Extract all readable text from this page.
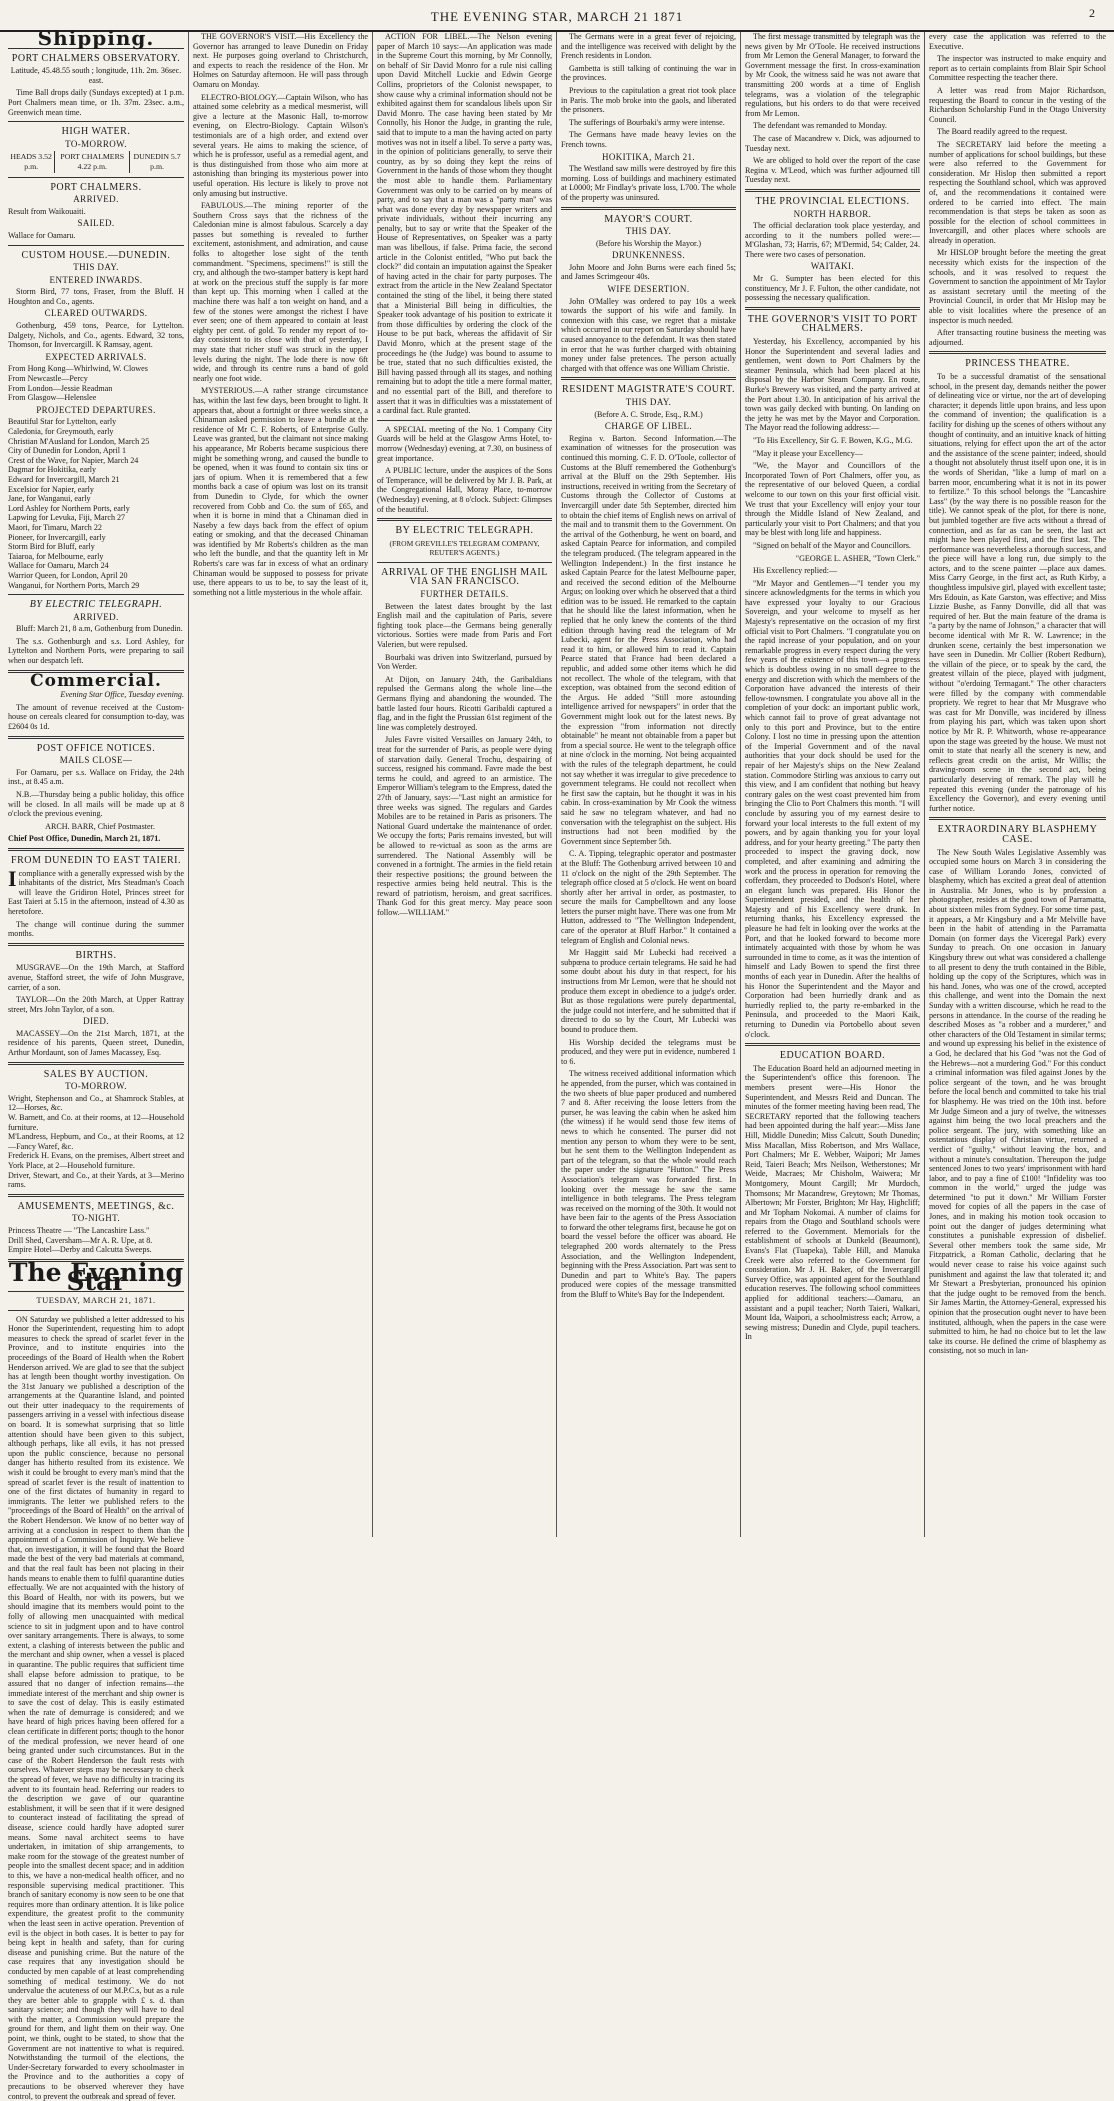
THE EVENING STAR, MARCH 21 1871	2
Shipping.
PORT CHALMERS OBSERVATORY.

Latitude, 45.48.55 south ; longitude, 11h. 2m. 36sec. east.

Time Ball drops daily (Sundays excepted) at 1 p.m. Port Chalmers mean time, or 1h. 37m. 23sec. a.m., Greenwich mean time.

HIGH WATER.
TO-MORROW.
HEADS 3.52 p.m.	PORT CHALMERS 4.22 p.m.	DUNEDIN 5.7 p.m.
PORT CHALMERS.
ARRIVED.

Result from Waikouaiti.

SAILED.

Wallace for Oamaru.

CUSTOM HOUSE.—DUNEDIN.
THIS DAY.
ENTERED INWARDS.

Storm Bird, 77 tons, Fraser, from the Bluff. H Houghton and Co., agents.

CLEARED OUTWARDS.

Gothenburg, 459 tons, Pearce, for Lyttelton. Dalgety, Nichols, and Co., agents. Edward, 32 tons, Thomson, for Invercargill. K Ramsay, agent.

EXPECTED ARRIVALS.

From Hong Kong—Whirlwind, W. Clowes

From Newcastle—Percy

From London—Jessie Readman

From Glasgow—Helenslee

PROJECTED DEPARTURES.

Beautiful Star for Lyttelton, early

Caledonia, for Greymouth, early

Christian M'Ausland for London, March 25

City of Dunedin for London, April 1

Crest of the Wave, for Napier, March 24

Dagmar for Hokitika, early

Edward for Invercargill, March 21

Excelsior for Napier, early

Jane, for Wanganui, early

Lord Ashley for Northern Ports, early

Lapwing for Levuka, Fiji, March 27

Maori, for Timaru, March 22

Pioneer, for Invercargill, early

Storm Bird for Bluff, early

Taiaroa, for Melbourne, early

Wallace for Oamaru, March 24

Warrior Queen, for London, April 20

Wanganui, for Northern Ports, March 29

BY ELECTRIC TELEGRAPH.
ARRIVED.

Bluff: March 21, 8 a.m, Gothenburg from Dunedin.

The s.s. Gothenburgh and s.s. Lord Ashley, for Lyttelton and Northern Ports, were preparing to sail when our despatch left.

Commercial.

Evening Star Office, Tuesday evening.

The amount of revenue received at the Custom-house on cereals cleared for consumption to-day, was £2604 0s 1d.

POST OFFICE NOTICES.
MAILS CLOSE—

For Oamaru, per s.s. Wallace on Friday, the 24th inst., at 8.45 a.m.

N.B.—Thursday being a public holiday, this office will be closed. In all mails will be made up at 8 o'clock the previous evening.

ARCH. BARR, Chief Postmaster.

Chief Post Office, Dunedin, March 21, 1871.

FROM DUNEDIN TO EAST TAIERI.

Icompliance with a generally expressed wish by the inhabitants of the district, Mrs Steadman's Coach will leave the Gridiron Hotel, Princes street for East Taieri at 5.15 in the afternoon, instead of 4.30 as heretofore.

The change will continue during the summer months.

BIRTHS.

MUSGRAVE—On the 19th March, at Stafford avenue, Stafford street, the wife of John Musgrave, carrier, of a son.

TAYLOR—On the 20th March, at Upper Rattray street, Mrs John Taylor, of a son.

DIED.

MACASSEY—On the 21st March, 1871, at the residence of his parents, Queen street, Dunedin, Arthur Mordaunt, son of James Macassey, Esq.

SALES BY AUCTION.
TO-MORROW.

Wright, Stephenson and Co., at Shamrock Stables, at 12—Horses, &c.

W. Barnett, and Co. at their rooms, at 12—Household furniture.

M'Landress, Hepburn, and Co., at their Rooms, at 12—Fancy Waref, &c.

Frederick H. Evans, on the premises, Albert street and York Place, at 2—Household furniture.

Driver, Stewart, and Co., at their Yards, at 3—Merino rams.

AMUSEMENTS, MEETINGS, &c.
TO-NIGHT.

Princess Theatre — "The Lancashire Lass."

Drill Shed, Caversham—Mr A. R. Upe, at 8.

Empire Hotel—Derby and Calcutta Sweeps.

The Evening Star
TUESDAY, MARCH 21, 1871.

ON Saturday we published a letter addressed to his Honor the Superintendent, requesting him to adopt measures to check the spread of scarlet fever in the Province, and to institute enquiries into the proceedings of the Board of Health when the Robert Henderson arrived. We are glad to see that the subject has at length been thought worthy investigation. On the 31st January we published a description of the arrangements at the Quarantine Island, and pointed out their utter inadequacy to the requirements of passengers arriving in a vessel with infectious disease on board. It is somewhat surprising that so little attention should have been given to this subject, although perhaps, like all evils, it has not pressed upon the public conscience, because no personal danger has hitherto resulted from its existence. We wish it could be brought to every man's mind that the spread of scarlet fever is the result of inattention to one of the first dictates of humanity in regard to immigrants. The letter we published refers to the "proceedings of the Board of Health" on the arrival of the Robert Henderson. We know of no better way of arriving at a conclusion in respect to them than the appointment of a Commission of Inquiry. We believe that, on investigation, it will be found that the Board made the best of the very bad materials at command, and that the real fault has been not placing in their hands means to enable them to fulfil quarantine duties effectually. We are not acquainted with the history of this Board of Health, nor with its powers, but we should imagine that its members would point to the folly of allowing men unacquainted with medical science to sit in judgment upon and to have control over sanitary arrangements. There is always, to some extent, a clashing of interests between the public and the merchant and ship owner, when a vessel is placed in quarantine. The public requires that sufficient time shall elapse before admission to pratique, to be assured that no danger of infection remains—the immediate interest of the merchant and ship owner is to save the cost of delay. This is easily estimated when the rate of demurrage is considered; and we have heard of high prices having been offered for a clean certificate in different ports; though to the honor of the medical profession, we never heard of one being granted under such circumstances. But in the case of the Robert Henderson the fault rests with ourselves. Whatever steps may be necessary to check the spread of fever, we have no difficulty in tracing its advent to its fountain head. Referring our readers to the description we gave of our quarantine establishment, it will be seen that if it were designed to counteract instead of facilitating the spread of disease, science could hardly have adopted surer means. Some naval architect seems to have undertaken, in imitation of ship arrangements, to make room for the stowage of the greatest number of people into the smallest decent space; and in addition to this, we have a non-medical health officer, and no responsible supervising medical practitioner. This branch of sanitary economy is now seen to be one that requires more than ordinary attention. It is like police expenditure, the greatest profit to the community when the least seen in active operation. Prevention of evil is the object in both cases. It is better to pay for being kept in health and safety, than for curing disease and punishing crime. But the nature of the case requires that any investigation should be conducted by men capable of at least comprehending something of medical testimony. We do not undervalue the acuteness of our M.P.C.s, but as a rule they are better able to grapple with £ s. d. than sanitary science; and though they will have to deal with the matter, a Commission would prepare the ground for them, and light them on their way. One point, we think, ought to be stated, to show that the Government are not inattentive to what is required. Notwithstanding the turmoil of the elections, the Under-Secretary forwarded to every schoolmaster in the Province and to the authorities a copy of precautions to be observed wherever they have control, to prevent the outbreak and spread of fever.

THE GOVERNOR'S VISIT.—His Excellency the Governor has arranged to leave Dunedin on Friday next. He purposes going overland to Christchurch, and expects to reach the residence of the Hon. Mr Holmes on Saturday afternoon. He will pass through Oamaru on Monday.

ELECTRO-BIOLOGY.—Captain Wilson, who has attained some celebrity as a medical mesmerist, will give a lecture at the Masonic Hall, to-morrow evening, on Electro-Biology. Captain Wilson's testimonials are of a high order, and extend over several years. He aims to making the science, of which he is professor, useful as a remedial agent, and is thus distinguished from those who aim more at astonishing than bringing its mysterious power into useful operation. His lecture is likely to prove not only amusing but instructive.

FABULOUS.—The mining reporter of the Southern Cross says that the richness of the Caledonian mine is almost fabulous. Scarcely a day passes but something is revealed to further excitement, astonishment, and admiration, and cause folks to altogether lose sight of the tenth commandment. "Specimens, specimens!" is still the cry, and although the two-stamper battery is kept hard at work on the precious stuff the supply is far more than kept up. This morning when I called at the machine there was half a ton weight on hand, and a few of the stones were amongst the richest I have ever seen; one of them appeared to contain at least eighty per cent. of gold. To render my report of to-day consistent to its close with that of yesterday, I may state that richer stuff was struck in the upper levels during the night. The lode there is now 6ft wide, and through its centre runs a band of gold nearly one foot wide.

MYSTERIOUS.—A rather strange circumstance has, within the last few days, been brought to light. It appears that, about a fortnight or three weeks since, a Chinaman asked permission to leave a bundle at the residence of Mr C. F. Roberts, of Enterprise Gully. Leave was granted, but the claimant not since making his appearance, Mr Roberts became suspicious there might be something wrong, and caused the bundle to be opened, when it was found to contain six tins or jars of opium. When it is remembered that a few months back a case of opium was lost on its transit from Dunedin to Clyde, for which the owner recovered from Cobb and Co. the sum of £65, and when it is borne in mind that a Chinaman died in Naseby a few days back from the effect of opium eating or smoking, and that the deceased Chinaman was identified by Mr Roberts's children as the man who left the bundle, and that the quantity left in Mr Roberts's care was far in excess of what an ordinary Chinaman would be supposed to possess for private use, there appears to us to be, to say the least of it, something not a little mysterious in the whole affair.

ACTION FOR LIBEL.—The Nelson evening paper of March 10 says:—An application was made in the Supreme Court this morning, by Mr Connolly, on behalf of Sir David Monro for a rule nisi calling upon David Mitchell Luckie and Edwin George Collins, proprietors of the Colonist newspaper, to show cause why a criminal information should not be exhibited against them for scandalous libels upon Sir David Monro. The case having been stated by Mr Connolly, his Honor the Judge, in granting the rule, said that to impute to a man the having acted on party motives was not in itself a libel. To serve a party was, in the opinion of politicians generally, to serve their country, as by so doing they kept the reins of Government in the hands of those whom they thought the most able to handle them. Parliamentary Government was only to be carried on by means of party, and to say that a man was a "party man" was what was done every day by newspaper writers and private individuals, without their incurring any penalty, but to say or write that the Speaker of the House of Representatives, on Speaker was a party man was libellous, if false. Prima facie, the second article in the Colonist entitled, "Who put back the clock?" did contain an imputation against the Speaker of having acted in the chair for party purposes. The extract from the article in the New Zealand Spectator contained the sting of the libel, it being there stated that a Ministerial Bill being in difficulties, the Speaker took advantage of his position to extricate it from those difficulties by ordering the clock of the House to be put back, whereas the affidavit of Sir David Monro, which at the present stage of the proceedings he (the Judge) was bound to assume to be true, stated that no such difficulties existed, the Bill having passed through all its stages, and nothing remaining but to adopt the title a mere formal matter, and no essential part of the Bill, and therefore to assert that it was in difficulties was a misstatement of a cardinal fact. Rule granted.

A SPECIAL meeting of the No. 1 Company City Guards will be held at the Glasgow Arms Hotel, to-morrow (Wednesday) evening, at 7.30, on business of great importance.

A PUBLIC lecture, under the auspices of the Sons of Temperance, will be delivered by Mr J. B. Park, at the Congregational Hall, Moray Place, to-morrow (Wednesday) evening, at 8 o'clock. Subject: Glimpses of the beautiful.

BY ELECTRIC TELEGRAPH.

(FROM GREVILLE'S TELEGRAM COMPANY, REUTER'S AGENTS.)

ARRIVAL OF THE ENGLISH MAIL VIA SAN FRANCISCO.
FURTHER DETAILS.

Between the latest dates brought by the last English mail and the capitulation of Paris, severe fighting took place—the Germans being generally victorious. Sorties were made from Paris and Fort Valerien, but were repulsed.

Bourbaki was driven into Switzerland, pursued by Von Werder.

At Dijon, on January 24th, the Garibaldians repulsed the Germans along the whole line—the Germans flying and abandoning the wounded. The battle lasted four hours. Ricotti Garibaldi captured a flag, and in the fight the Prussian 61st regiment of the line was completely destroyed.

Jules Favre visited Versailles on January 24th, to treat for the surrender of Paris, as people were dying of starvation daily. General Trochu, despairing of success, resigned his command. Favre made the best terms he could, and agreed to an armistice. The Emperor William's telegram to the Empress, dated the 27th of January, says:—"Last night an armistice for three weeks was signed. The regulars and Gardes Mobiles are to be retained in Paris as prisoners. The National Guard undertake the maintenance of order. We occupy the forts; Paris remains invested, but will be allowed to re-victual as soon as the arms are surrendered. The National Assembly will be convened in a fortnight. The armies in the field retain their respective positions; the ground between the respective armies being held neutral. This is the reward of patriotism, heroism, and great sacrifices. Thank God for this great mercy. May peace soon follow.—WILLIAM."

The Germans were in a great fever of rejoicing, and the intelligence was received with delight by the French residents in London.

Gambetta is still talking of continuing the war in the provinces.

Previous to the capitulation a great riot took place in Paris. The mob broke into the gaols, and liberated the prisoners.

The sufferings of Bourbaki's army were intense.

The Germans have made heavy levies on the French towns.

HOKITIKA, March 21.

The Westland saw mills were destroyed by fire this morning. Loss of buildings and machinery estimated at L0000; Mr Findlay's private loss, L700. The whole of the property was uninsured.

MAYOR'S COURT.
THIS DAY.

(Before his Worship the Mayor.)

DRUNKENNESS.

John Moore and John Burns were each fined 5s; and James Scrimgeour 40s.

WIFE DESERTION.

John O'Malley was ordered to pay 10s a week towards the support of his wife and family. In connexion with this case, we regret that a mistake which occurred in our report on Saturday should have caused annoyance to the defendant. It was then stated in error that he was further charged with obtaining money under false pretences. The person actually charged with that offence was one William Christie.

RESIDENT MAGISTRATE'S COURT.
THIS DAY.

(Before A. C. Strode, Esq., R.M.)

CHARGE OF LIBEL.

Regina v. Barton. Second Information.—The examination of witnesses for the prosecution was continued this morning. C. F. D. O'Toole, collector of Customs at the Bluff remembered the Gothenburg's arrival at the Bluff on the 29th September. His instructions, received in writing from the Secretary of Customs through the Collector of Customs at Invercargill under date 5th September, directed him to obtain the chief items of English news on arrival of the mail and to transmit them to the Government. On the arrival of the Gothenburg, he went on board, and asked Captain Pearce for information, and compiled the telegram produced. (The telegram appeared in the Wellington Independent.) In the first instance he asked Captain Pearce for the latest Melbourne paper, and received the second edition of the Melbourne Argus; on looking over which he observed that a third edition was to be issued. He remarked to the captain that he should like the latest information, when he replied that he only knew the contents of the third edition through having read the telegram of Mr Lubecki, agent for the Press Association, who had read it to him, or allowed him to read it. Captain Pearce stated that France had been declared a republic, and added some other items which he did not recollect. The whole of the telegram, with that exception, was obtained from the second edition of the Argus. He added "Still more astounding intelligence arrived for newspapers" in order that the Government might look out for the latest news. By the expression "from information not directly obtainable" he meant not obtainable from a paper but from a special source. He went to the telegraph office at nine o'clock in the morning. Not being acquainted with the rules of the telegraph department, he could not say whether it was irregular to give precedence to government telegrams. He could not recollect when he first saw the captain, but he thought it was in his cabin. In cross-examination by Mr Cook the witness said he saw no telegram whatever, and had no conversation with the telegraphist on the subject. His instructions had not been modified by the Government since September 5th.

C. A. Tipping, telegraphic operator and postmaster at the Bluff: The Gothenburg arrived between 10 and 11 o'clock on the night of the 29th September. The telegraph office closed at 5 o'clock. He went on board shortly after her arrival in order, as postmaster, to secure the mails for Campbelltown and any loose letters the purser might have. There was one from Mr Hutton, addressed to "The Wellington Independent, care of the operator at Bluff Harbor." It contained a telegram of English and Colonial news.

Mr Haggitt said Mr Lubecki had received a subpœna to produce certain telegrams. He said he had some doubt about his duty in that respect, for his instructions from Mr Lemon, were that he should not produce them except in obedience to a judge's order. But as those regulations were purely departmental, the judge could not interfere, and he submitted that if directed to do so by the Court, Mr Lubecki was bound to produce them.

His Worship decided the telegrams must be produced, and they were put in evidence, numbered 1 to 6.

The witness received additional information which he appended, from the purser, which was contained in the two sheets of blue paper produced and numbered 7 and 8. After receiving the loose letters from the purser, he was leaving the cabin when he asked him (the witness) if he would send those few items of news to which he consented. The purser did not mention any person to whom they were to be sent, but he sent them to the Wellington Independent as part of the telegram, so that the whole would reach the paper under the signature "Hutton." The Press Association's telegram was forwarded first. In looking over the message he saw the same intelligence in both telegrams. The Press telegram was received on the morning of the 30th. It would not have been fair to the agents of the Press Association to forward the other telegrams first, because he got on board the vessel before the officer was aboard. He telegraphed 200 words alternately to the Press Association, and the Wellington Independent, beginning with the Press Association. Part was sent to Dunedin and part to White's Bay. The papers produced were copies of the message transmitted from the Bluff to White's Bay for the Independent.

The first message transmitted by telegraph was the news given by Mr O'Toole. He received instructions from Mr Lemon the General Manager, to forward the Government message the first. In cross-examination by Mr Cook, the witness said he was not aware that transmitting 200 words at a time of English telegrams, was a violation of the telegraphic regulations, but his orders to do that were received from Mr Lemon.

The defendant was remanded to Monday.

The case of Macandrew v. Dick, was adjourned to Tuesday next.

We are obliged to hold over the report of the case Regina v. M'Leod, which was further adjourned till Tuesday next.

THE PROVINCIAL ELECTIONS.
NORTH HARBOR.

The official declaration took place yesterday, and according to it the numbers polled were:—M'Glashan, 73; Harris, 67; M'Dermid, 54; Calder, 24. There were two cases of personation.

WAITAKI.

Mr G. Sumpter has been elected for this constituency, Mr J. F. Fulton, the other candidate, not possessing the necessary qualification.

THE GOVERNOR'S VISIT TO PORT CHALMERS.

Yesterday, his Excellency, accompanied by his Honor the Superintendent and several ladies and gentlemen, went down to Port Chalmers by the steamer Peninsula, which had been placed at his disposal by the Harbor Steam Company. En route, Burke's Brewery was visited, and the party arrived at the Port about 1.30. In anticipation of his arrival the town was gaily decked with bunting. On landing on the jetty he was met by the Mayor and Corporation. The Mayor read the following address:—

"To His Excellency, Sir G. F. Bowen, K.G., M.G.

"May it please your Excellency—

"We, the Mayor and Councillors of the Incorporated Town of Port Chalmers, offer you, as the representative of our beloved Queen, a cordial welcome to our town on this your first official visit. We trust that your Excellency will enjoy your tour through the Middle Island of New Zealand, and particularly your visit to Port Chalmers; and that you may be blest with long life and happiness.

"Signed on behalf of the Mayor and Councillors.

"GEORGE L. ASHER, "Town Clerk."

His Excellency replied:—

"Mr Mayor and Gentlemen—"I tender you my sincere acknowledgments for the terms in which you have expressed your loyalty to our Gracious Sovereign, and your welcome to myself as her Majesty's representative on the occasion of my first official visit to Port Chalmers. "I congratulate you on the rapid increase of your population, and on your remarkable progress in every respect during the very few years of the existence of this town—a progress which is doubtless owing in no small degree to the energy and discretion with which the members of the Corporation have advanced the interests of their fellow-townsmen. I congratulate you above all in the completion of your dock: an important public work, which cannot fail to prove of great advantage not only to this port and Province, but to the entire Colony. I lost no time in pressing upon the attention of the Imperial Government and of the naval authorities that your dock should be used for the repair of her Majesty's ships on the New Zealand station. Commodore Stirling was anxious to carry out this view, and I am confident that nothing but heavy contrary gales on the west coast prevented him from bringing the Clio to Port Chalmers this month. "I will conclude by assuring you of my earnest desire to forward your local interests to the full extent of my powers, and by again thanking you for your loyal address, and for your hearty greeting." The party then proceeded to inspect the graving dock, now completed, and after examining and admiring the work and the process in operation for removing the cofferdam, they proceeded to Dodson's Hotel, where an elegant lunch was prepared. His Honor the Superintendent presided, and the health of her Majesty and of his Excellency were drunk. In returning thanks, his Excellency expressed the pleasure he had felt in looking over the works at the Port, and that he looked forward to become more intimately acquainted with those by whom he was surrounded in time to come, as it was the intention of himself and Lady Bowen to spend the first three months of each year in Dunedin. After the healths of his Honor the Superintendent and the Mayor and Corporation had been hurriedly drank and as hurriedly replied to, the party re-embarked in the Peninsula, and proceeded to the Maori Kaik, returning to Dunedin via Portobello about seven o'clock.

EDUCATION BOARD.

The Education Board held an adjourned meeting in the Superintendent's office this forenoon. The members present were—His Honor the Superintendent, and Messrs Reid and Duncan. The minutes of the former meeting having been read, The SECRETARY reported that the following teachers had been appointed during the half year:—Miss Jane Hill, Middle Dunedin; Miss Calcutt, South Dunedin; Miss Macallan, Miss Robertson, and Mrs Wallace, Port Chalmers; Mr E. Webber, Waipori; Mr James Reid, Taieri Beach; Mrs Neilson, Wetherstones; Mr Weide, Macraes; Mr Chisholm, Waiwera; Mr Montgomery, Mount Cargill; Mr Murdoch, Thomsons; Mr Macandrew, Greytown; Mr Thomas, Albertown; Mr Forster, Brighton; Mr Hay, Highcliff; and Mr Topham Nokomai. A number of claims for repairs from the Otago and Southland schools were referred to the Government. Memorials for the establishment of schools at Dunkeld (Beaumont), Evans's Flat (Tuapeka), Table Hill, and Manuka Creek were also referred to the Government for consideration. Mr J. H. Baker, of the Invercargill Survey Office, was appointed agent for the Southland education reserves. The following school committees applied for additional teachers:—Oamaru, an assistant and a pupil teacher; North Taieri, Walkari, Mount Ida, Waipori, a schoolmistress each; Arrow, a sewing mistress; Dunedin and Clyde, pupil teachers. In

every case the application was referred to the Executive.

The inspector was instructed to make enquiry and report as to certain complaints from Blair Spir School Committee respecting the teacher there.

A letter was read from Major Richardson, requesting the Board to concur in the vesting of the Richardson Scholarship Fund in the Otago University Council.

The Board readily agreed to the request.

The SECRETARY laid before the meeting a number of applications for school buildings, but these were also referred to the Government for consideration. Mr Hislop then submitted a report respecting the Southland school, which was approved of, and the recommendations it contained were ordered to be carried into effect. The main recommendation is that steps be taken as soon as possible for the election of school committees in Invercargill, and other places where schools are already in operation.

Mr HISLOP brought before the meeting the great necessity which exists for the inspection of the schools, and it was resolved to request the Government to sanction the appointment of Mr Taylor as assistant secretary until the meeting of the Provincial Council, in order that Mr Hislop may be able to visit localities where the presence of an inspector is much needed.

After transacting routine business the meeting was adjourned.

PRINCESS THEATRE.

To be a successful dramatist of the sensational school, in the present day, demands neither the power of delineating vice or virtue, nor the art of developing character; it depends little upon brains, and less upon the command of invention; the qualification is a facility for dishing up the scenes of others without any thought of continuity, and an intuitive knack of hitting situations, relying for effect upon the art of the actor and the assistance of the scene painter; indeed, should a thought not absolutely thrust itself upon one, it is in the words of Sheridan, "like a lump of marl on a barren moor, encumbering what it is not in its power to fertilize." To this school belongs the "Lancashire Lass" (by the way there is no possible reason for the title). We cannot speak of the plot, for there is none, but jumbled together are five acts without a thread of connection, and as far as can be seen, the last act might have been played first, and the first last. The performance was nevertheless a thorough success, and the piece will have a long run, due simply to the actors, and to the scene painter —place aux dames. Miss Carry George, in the first act, as Ruth Kirby, a thoughtless impulsive girl, played with excellent taste; Mrs Edouin, as Kate Garston, was effective; and Miss Lizzie Bushe, as Fanny Donville, did all that was required of her. But the main feature of the drama is "a party by the name of Johnson," a character that will become identical with Mr R. W. Lawrence; in the drunken scene, certainly the best impersonation we have seen in Dunedin. Mr Collier (Robert Redburn), the villain of the piece, or to speak by the card, the greatest villain of the piece, played with judgment, without "o'erdoing Termagant." The other characters were filled by the company with commendable propriety. We regret to hear that Mr Musgrave who was cast for Mr Donville, was incidered by illness from playing his part, which was taken upon short notice by Mr R. P. Whitworth, whose re-appearance upon the stage was greeted by the house. We must not omit to state that nearly all the scenery is new, and reflects great credit on the artist, Mr Willis; the drawing-room scene in the second act, being particularly deserving of remark. The play will be repeated this evening (under the patronage of his Excellency the Governor), and every evening until further notice.

EXTRAORDINARY BLASPHEMY CASE.

The New South Wales Legislative Assembly was occupied some hours on March 3 in considering the case of William Lorando Jones, convicted of blasphemy, which has excited a great deal of attention in Australia. Mr Jones, who is by profession a photographer, resides at the good town of Parramatta, about sixteen miles from Sydney. For some time past, it appears, a Mr Kingsbury and a Mr Melville have been in the habit of attending in the Parramatta Domain (on former days the Viceregal Park) every Sunday to preach. On one occasion in January Kingsbury threw out what was considered a challenge to all present to deny the truth contained in the Bible, holding up the copy of the Scriptures, which was in his hand. Jones, who was one of the crowd, accepted this challenge, and went into the Domain the next Sunday with a written discourse, which he read to the persons in attendance. In the course of the reading he described Moses as "a robber and a murderer," and other characters of the Old Testament in similar terms; and wound up expressing his belief in the existence of a God, he declared that his God "was not the God of the Hebrews—not a murdering God." For this conduct a criminal information was filed against Jones by the police sergeant of the town, and he was brought before the local bench and committed to take his trial for blasphemy. He was tried on the 10th inst. before Mr Judge Simeon and a jury of twelve, the witnesses against him being the two local preachers and the police sergeant. The jury, with something like an ostentatious display of Christian virtue, returned a verdict of "guilty," without leaving the box, and without a minute's consultation. Thereupon the judge sentenced Jones to two years' imprisonment with hard labor, and to pay a fine of £100! "Infidelity was too common in the world," urged the judge was determined "to put it down." Mr William Forster moved for copies of all the papers in the case of Jones, and in making his motion took occasion to point out the danger of judges determining what constitutes a punishable expression of disbelief. Several other members took the same side, Mr Fitzpatrick, a Roman Catholic, declaring that he would never cease to raise his voice against such punishment and against the law that tolerated it; and Mr Stewart a Presbyterian, pronounced his opinion that the judge ought to be removed from the bench. Sir James Martin, the Attorney-General, expressed his opinion that the prosecution ought never to have been instituted, although, when the papers in the case were submitted to him, he had no choice but to let the law take its course. He defined the crime of blasphemy as consisting, not so much in lan-
